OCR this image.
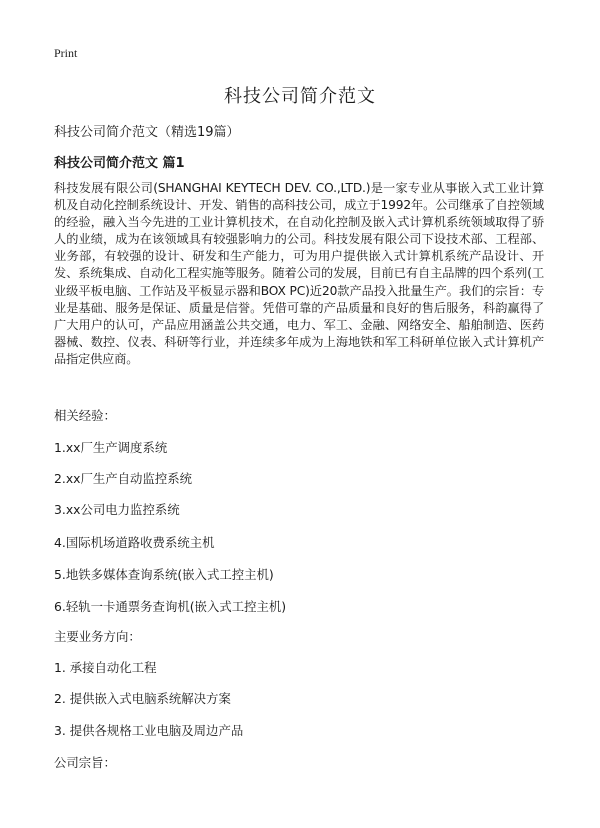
Print
科技公司简介范文
科技公司简介范文（精选19篇）
科技公司简介范文 篇1
科技发展有限公司(SHANGHAI KEYTECH DEV. CO.,LTD.)是一家专业从事嵌入式工业计算机及自动化控制系统设计、开发、销售的高科技公司，成立于1992年。公司继承了自控领域的经验，融入当今先进的工业计算机技术，在自动化控制及嵌入式计算机系统领域取得了骄人的业绩，成为在该领域具有较强影响力的公司。科技发展有限公司下设技术部、工程部、业务部，有较强的设计、研发和生产能力，可为用户提供嵌入式计算机系统产品设计、开发、系统集成、自动化工程实施等服务。随着公司的发展，目前已有自主品牌的四个系列(工业级平板电脑、工作站及平板显示器和BOX PC)近20款产品投入批量生产。我们的宗旨：专业是基础、服务是保证、质量是信誉。凭借可靠的产品质量和良好的售后服务，科韵赢得了广大用户的认可，产品应用涵盖公共交通，电力、军工、金融、网络安全、船舶制造、医药器械、数控、仪表、科研等行业，并连续多年成为上海地铁和军工科研单位嵌入式计算机产品指定供应商。
相关经验：
1.xx厂生产调度系统
2.xx厂生产自动监控系统
3.xx公司电力监控系统
4.国际机场道路收费系统主机
5.地铁多媒体查询系统(嵌入式工控主机)
6.轻轨一卡通票务查询机(嵌入式工控主机)
主要业务方向：
1. 承接自动化工程
2. 提供嵌入式电脑系统解决方案
3. 提供各规格工业电脑及周边产品
公司宗旨：
